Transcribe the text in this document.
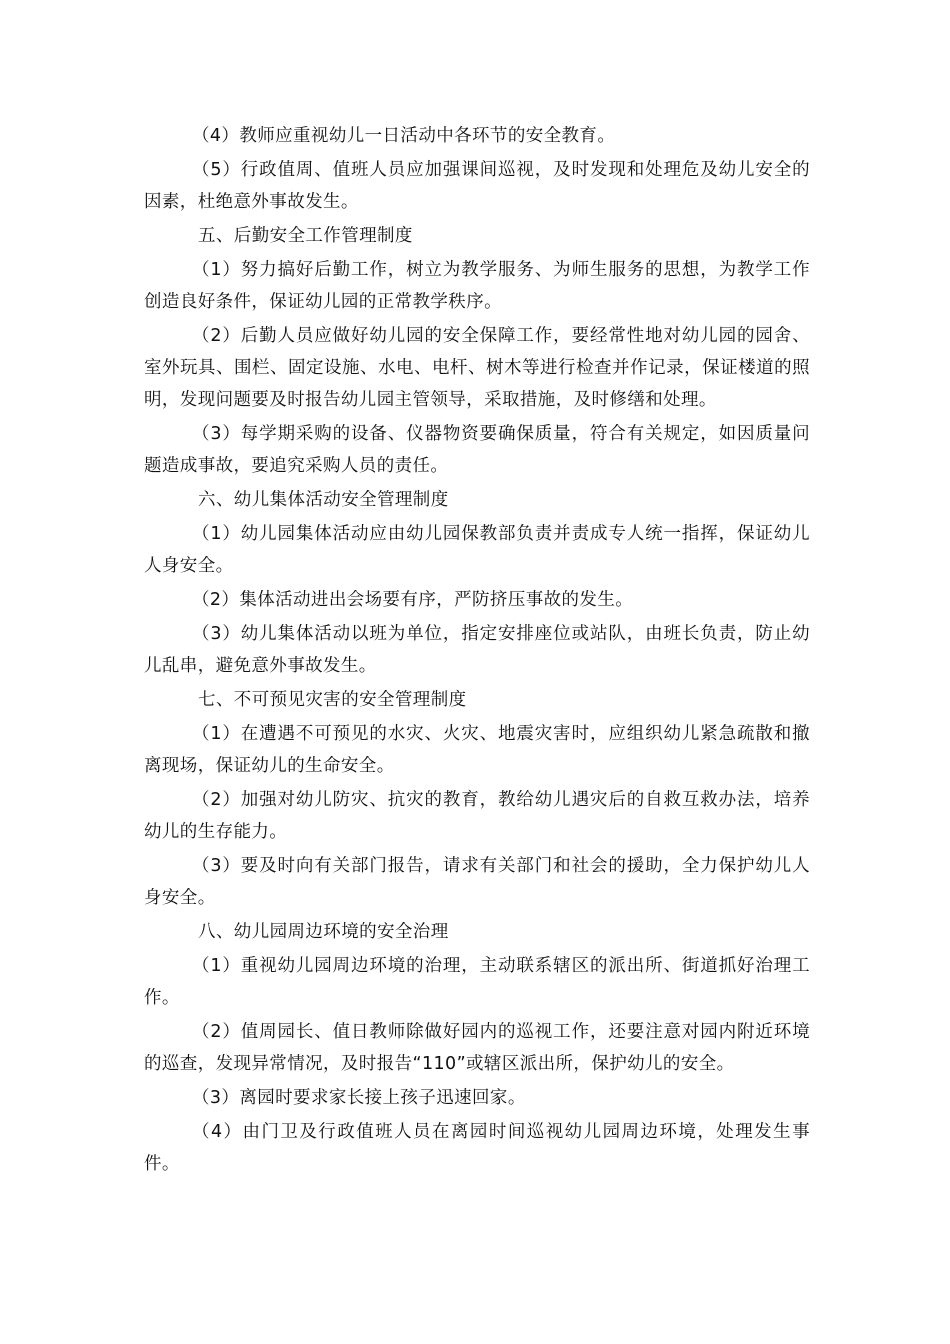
（4）教师应重视幼儿一日活动中各环节的安全教育。

（5）行政值周、值班人员应加强课间巡视，及时发现和处理危及幼儿安全的因素，杜绝意外事故发生。

五、后勤安全工作管理制度

（1）努力搞好后勤工作，树立为教学服务、为师生服务的思想，为教学工作创造良好条件，保证幼儿园的正常教学秩序。

（2）后勤人员应做好幼儿园的安全保障工作，要经常性地对幼儿园的园舍、室外玩具、围栏、固定设施、水电、电杆、树木等进行检查并作记录，保证楼道的照明，发现问题要及时报告幼儿园主管领导，采取措施，及时修缮和处理。

（3）每学期采购的设备、仪器物资要确保质量，符合有关规定，如因质量问题造成事故，要追究采购人员的责任。

六、幼儿集体活动安全管理制度

（1）幼儿园集体活动应由幼儿园保教部负责并责成专人统一指挥，保证幼儿人身安全。

（2）集体活动进出会场要有序，严防挤压事故的发生。

（3）幼儿集体活动以班为单位，指定安排座位或站队，由班长负责，防止幼儿乱串，避免意外事故发生。

七、不可预见灾害的安全管理制度

（1）在遭遇不可预见的水灾、火灾、地震灾害时，应组织幼儿紧急疏散和撤离现场，保证幼儿的生命安全。

（2）加强对幼儿防灾、抗灾的教育，教给幼儿遇灾后的自救互救办法，培养幼儿的生存能力。

（3）要及时向有关部门报告，请求有关部门和社会的援助，全力保护幼儿人身安全。

八、幼儿园周边环境的安全治理

（1）重视幼儿园周边环境的治理，主动联系辖区的派出所、街道抓好治理工作。

（2）值周园长、值日教师除做好园内的巡视工作，还要注意对园内附近环境的巡查，发现异常情况，及时报告“110”或辖区派出所，保护幼儿的安全。

（3）离园时要求家长接上孩子迅速回家。

（4）由门卫及行政值班人员在离园时间巡视幼儿园周边环境，处理发生事件。
